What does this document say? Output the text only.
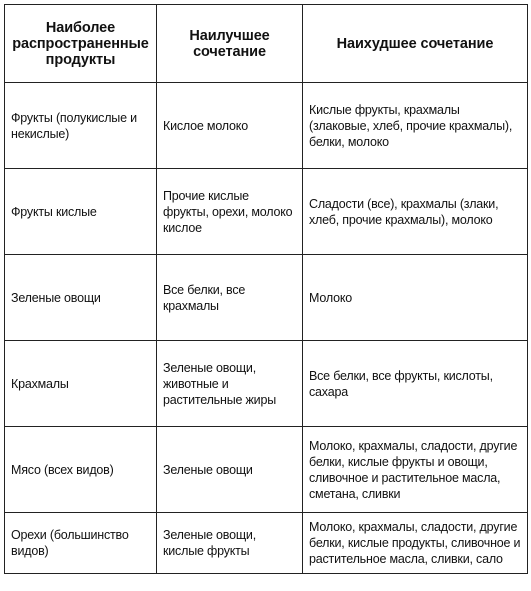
Наиболее распространенные продукты	Наилучшее сочетание	Наихудшее сочетание
Фрукты (полукислые и некислые)	Кислое молоко	Кислые фрукты, крахмалы (злаковые, хлеб, прочие крахмалы), белки, молоко
Фрукты кислые	Прочие кислые фрукты, орехи, молоко кислое	Сладости (все), крахмалы (злаки, хлеб, прочие крахмалы), молоко
Зеленые овощи	Все белки, все крахмалы	Молоко
Крахмалы	Зеленые овощи, животные и растительные жиры	Все белки, все фрукты, кислоты, сахара
Мясо (всех видов)	Зеленые овощи	Молоко, крахмалы, сладости, другие белки, кислые фрукты и овощи, сливочное и растительное масла, сметана, сливки
Орехи (большинство видов)	Зеленые овощи, кислые фрукты	Молоко, крахмалы, сладости, другие белки, кислые продукты, сливочное и растительное масла, сливки, сало
